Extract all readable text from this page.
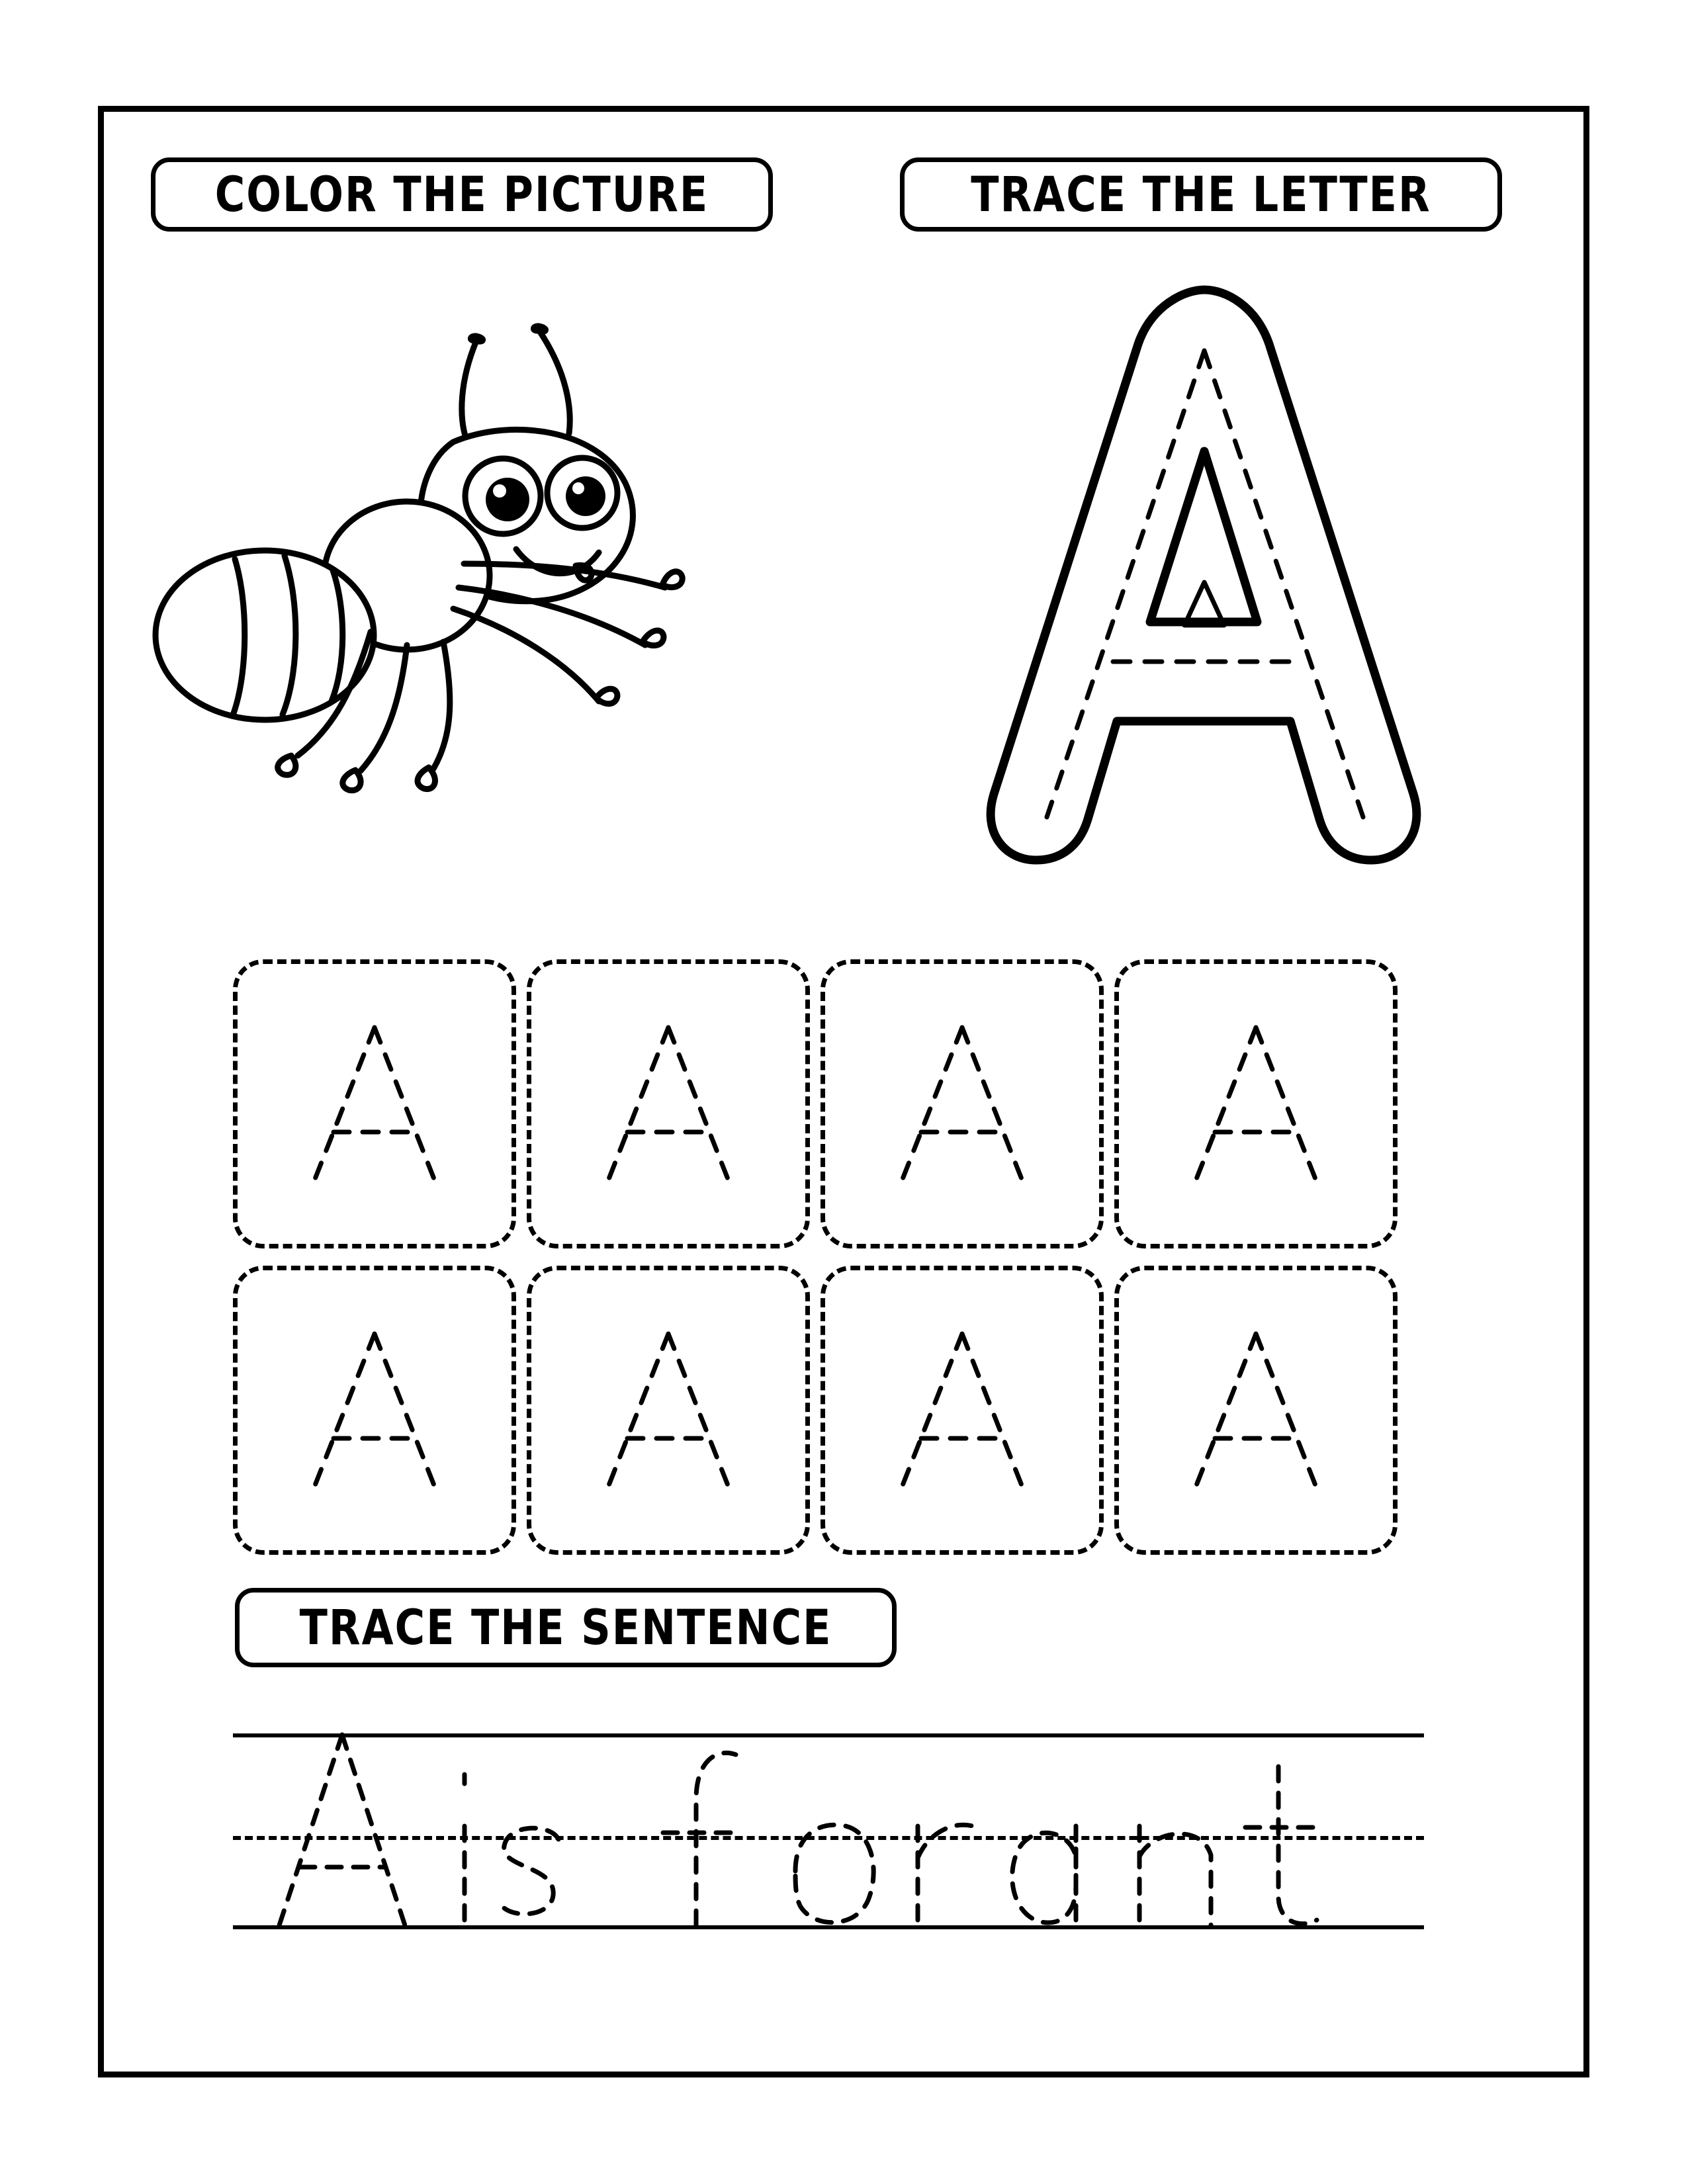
COLOR THE PICTURE	TRACE THE LETTER
TRACE THE SENTENCE
